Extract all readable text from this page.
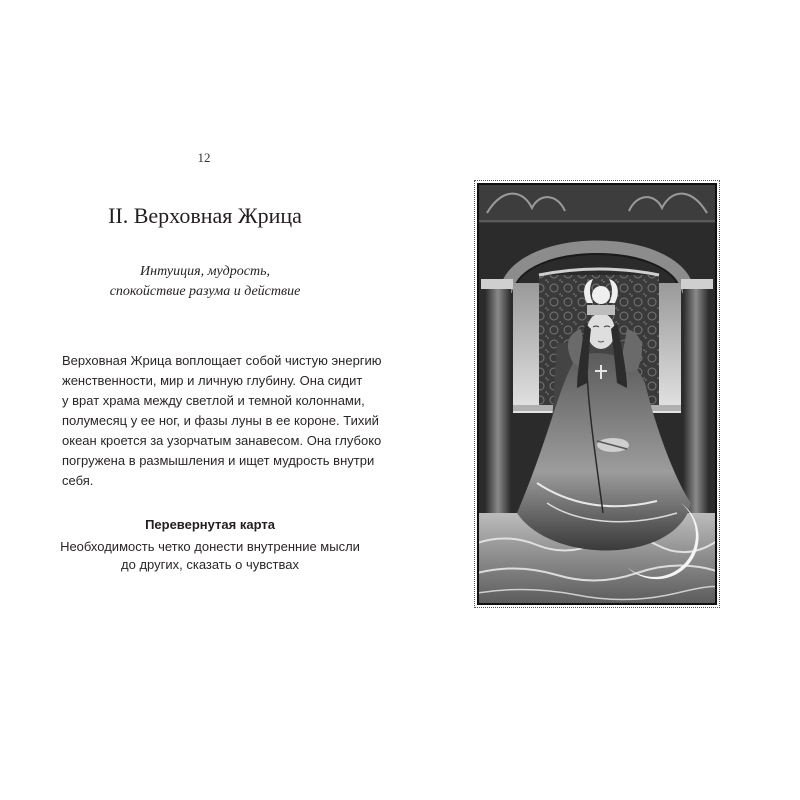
12
II. Верховная Жрица
Интуиция, мудрость,
спокойствие разума и действие
Верховная Жрица воплощает собой чистую энергию
женственности, мир и личную глубину. Она сидит
у врат храма между светлой и темной колоннами,
полумесяц у ее ног, и фазы луны в ее короне. Тихий
океан кроется за узорчатым занавесом. Она глубоко
погружена в размышления и ищет мудрость внутри
себя.
Перевернутая карта
Необходимость четко донести внутренние мысли
до других, сказать о чувствах
